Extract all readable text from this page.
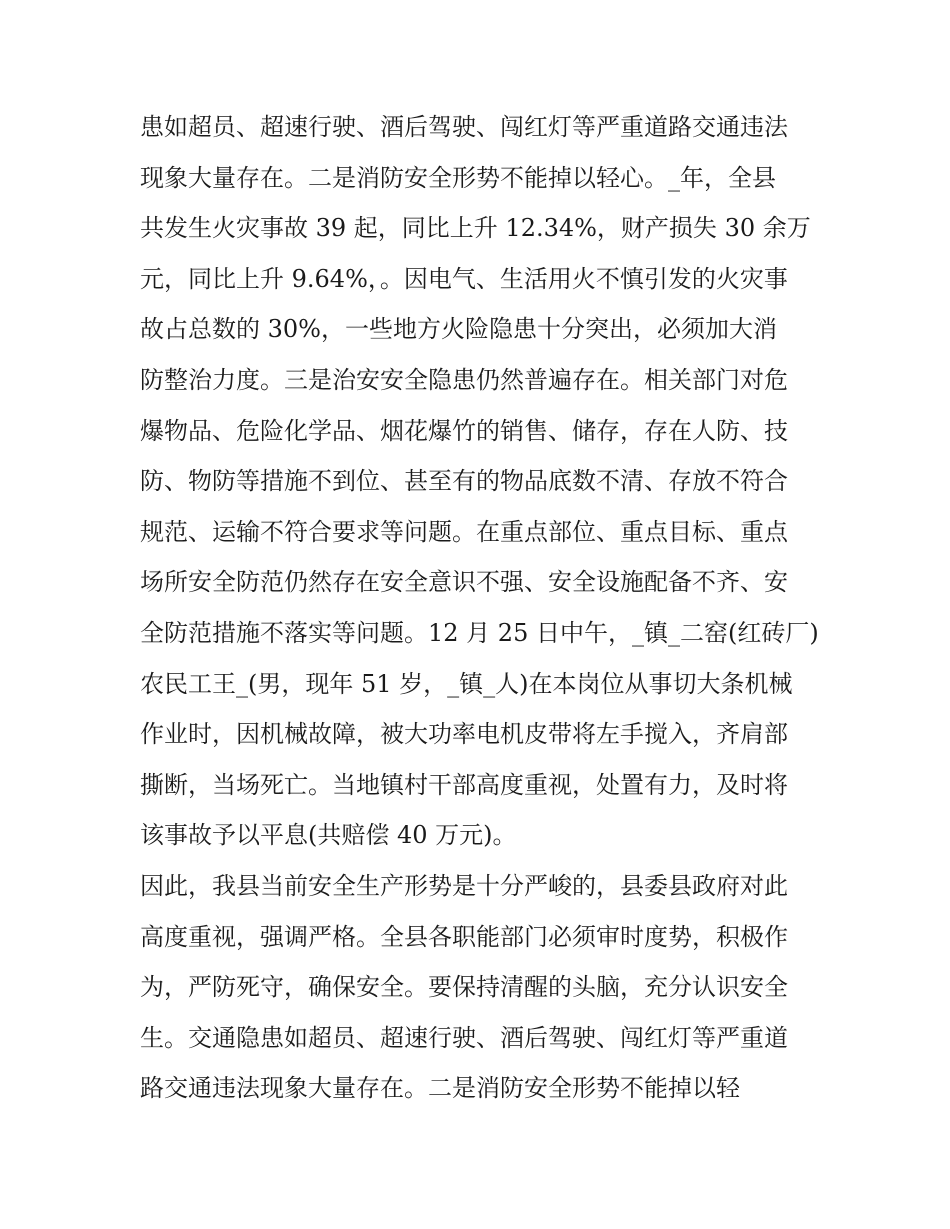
患如超员、超速行驶、酒后驾驶、闯红灯等严重道路交通违法
现象大量存在。二是消防安全形势不能掉以轻心。_年，全县
共发生火灾事故 39 起，同比上升 12.34%，财产损失 30 余万
元，同比上升 9.64%，。因电气、生活用火不慎引发的火灾事
故占总数的 30%，一些地方火险隐患十分突出，必须加大消
防整治力度。三是治安安全隐患仍然普遍存在。相关部门对危
爆物品、危险化学品、烟花爆竹的销售、储存，存在人防、技
防、物防等措施不到位、甚至有的物品底数不清、存放不符合
规范、运输不符合要求等问题。在重点部位、重点目标、重点
场所安全防范仍然存在安全意识不强、安全设施配备不齐、安
全防范措施不落实等问题。12 月 25 日中午，_镇_二窑(红砖厂)
农民工王_(男，现年 51 岁，_镇_人)在本岗位从事切大条机械
作业时，因机械故障，被大功率电机皮带将左手搅入，齐肩部
撕断，当场死亡。当地镇村干部高度重视，处置有力，及时将
该事故予以平息(共赔偿 40 万元)。
因此，我县当前安全生产形势是十分严峻的，县委县政府对此
高度重视，强调严格。全县各职能部门必须审时度势，积极作
为，严防死守，确保安全。要保持清醒的头脑，充分认识安全
生。交通隐患如超员、超速行驶、酒后驾驶、闯红灯等严重道
路交通违法现象大量存在。二是消防安全形势不能掉以轻
